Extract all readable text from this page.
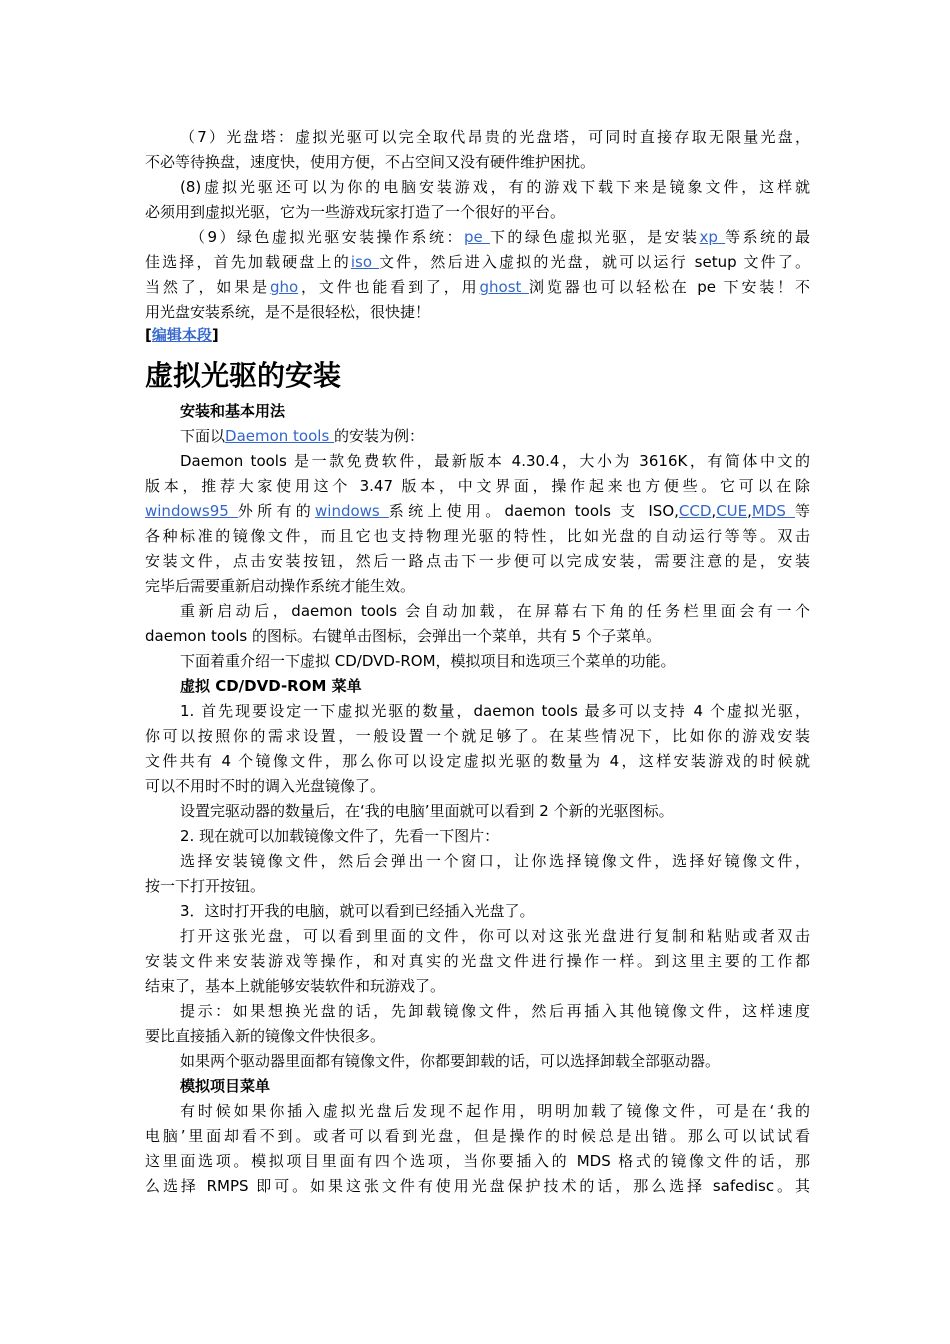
（7）光盘塔：虚拟光驱可以完全取代昂贵的光盘塔，可同时直接存取无限量光盘，
不必等待换盘，速度快，使用方便，不占空间又没有硬件维护困扰。
(8)虚拟光驱还可以为你的电脑安装游戏，有的游戏下载下来是镜象文件，这样就
必须用到虚拟光驱，它为一些游戏玩家打造了一个很好的平台。
（9）绿色虚拟光驱安装操作系统：pe 下的绿色虚拟光驱，是安装xp 等系统的最
佳选择，首先加载硬盘上的iso 文件，然后进入虚拟的光盘，就可以运行 setup 文件了。
当然了，如果是gho，文件也能看到了，用ghost 浏览器也可以轻松在 pe 下安装！不
用光盘安装系统，是不是很轻松，很快捷！
[编辑本段]
虚拟光驱的安装
安装和基本用法
下面以Daemon tools 的安装为例：
Daemon tools 是一款免费软件，最新版本 4.30.4，大小为 3616K，有简体中文的
版本，推荐大家使用这个 3.47 版本，中文界面，操作起来也方便些。它可以在除
windows95 外所有的windows 系统上使用。daemon tools 支 ISO,CCD,CUE,MDS 等
各种标准的镜像文件，而且它也支持物理光驱的特性，比如光盘的自动运行等等。双击
安装文件，点击安装按钮，然后一路点击下一步便可以完成安装，需要注意的是，安装
完毕后需要重新启动操作系统才能生效。
重新启动后，daemon tools 会自动加载，在屏幕右下角的任务栏里面会有一个
daemon tools 的图标。右键单击图标，会弹出一个菜单，共有 5 个子菜单。
下面着重介绍一下虚拟 CD/DVD-ROM，模拟项目和选项三个菜单的功能。
虚拟 CD/DVD-ROM 菜单
1. 首先现要设定一下虚拟光驱的数量，daemon tools 最多可以支持 4 个虚拟光驱，
你可以按照你的需求设置，一般设置一个就足够了。在某些情况下，比如你的游戏安装
文件共有 4 个镜像文件，那么你可以设定虚拟光驱的数量为 4，这样安装游戏的时候就
可以不用时不时的调入光盘镜像了。
设置完驱动器的数量后，在‘我的电脑’里面就可以看到 2 个新的光驱图标。
2. 现在就可以加载镜像文件了，先看一下图片：
选择安装镜像文件，然后会弹出一个窗口，让你选择镜像文件，选择好镜像文件，
按一下打开按钮。
3．这时打开我的电脑，就可以看到已经插入光盘了。
打开这张光盘，可以看到里面的文件，你可以对这张光盘进行复制和粘贴或者双击
安装文件来安装游戏等操作，和对真实的光盘文件进行操作一样。到这里主要的工作都
结束了，基本上就能够安装软件和玩游戏了。
提示：如果想换光盘的话，先卸载镜像文件，然后再插入其他镜像文件，这样速度
要比直接插入新的镜像文件快很多。
如果两个驱动器里面都有镜像文件，你都要卸载的话，可以选择卸载全部驱动器。
模拟项目菜单
有时候如果你插入虚拟光盘后发现不起作用，明明加载了镜像文件，可是在‘我的
电脑’里面却看不到。或者可以看到光盘，但是操作的时候总是出错。那么可以试试看
这里面选项。模拟项目里面有四个选项，当你要插入的 MDS 格式的镜像文件的话，那
么选择 RMPS 即可。如果这张文件有使用光盘保护技术的话，那么选择 safedisc。其
